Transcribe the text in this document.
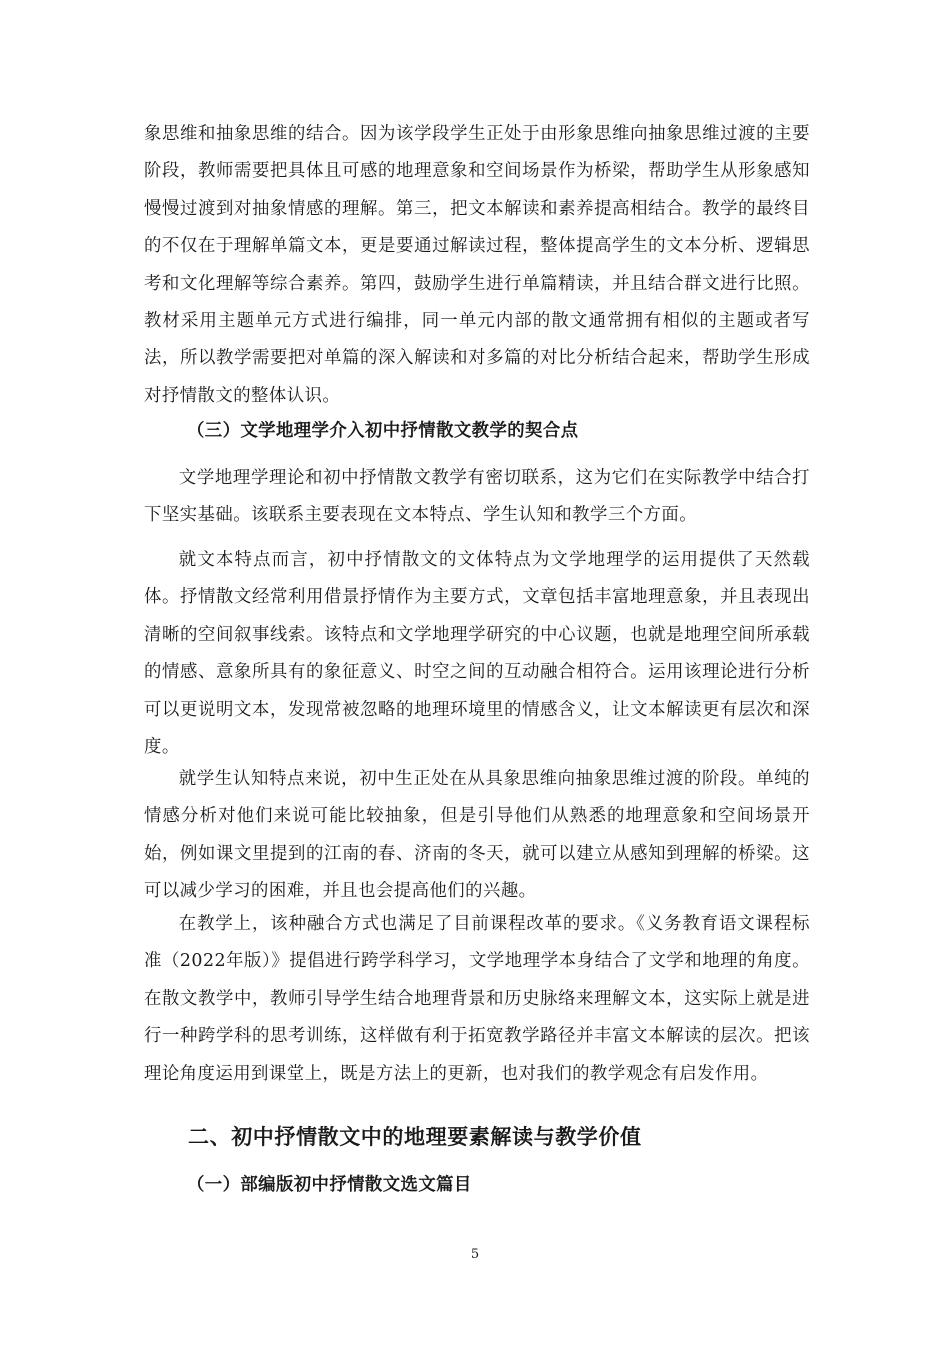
象思维和抽象思维的结合。因为该学段学生正处于由形象思维向抽象思维过渡的主要阶段，教师需要把具体且可感的地理意象和空间场景作为桥梁，帮助学生从形象感知慢慢过渡到对抽象情感的理解。第三，把文本解读和素养提高相结合。教学的最终目的不仅在于理解单篇文本，更是要通过解读过程，整体提高学生的文本分析、逻辑思考和文化理解等综合素养。第四，鼓励学生进行单篇精读，并且结合群文进行比照。教材采用主题单元方式进行编排，同一单元内部的散文通常拥有相似的主题或者写法，所以教学需要把对单篇的深入解读和对多篇的对比分析结合起来，帮助学生形成对抒情散文的整体认识。

（三）文学地理学介入初中抒情散文教学的契合点

文学地理学理论和初中抒情散文教学有密切联系，这为它们在实际教学中结合打下坚实基础。该联系主要表现在文本特点、学生认知和教学三个方面。

就文本特点而言，初中抒情散文的文体特点为文学地理学的运用提供了天然载体。抒情散文经常利用借景抒情作为主要方式，文章包括丰富地理意象，并且表现出清晰的空间叙事线索。该特点和文学地理学研究的中心议题，也就是地理空间所承载的情感、意象所具有的象征意义、时空之间的互动融合相符合。运用该理论进行分析可以更说明文本，发现常被忽略的地理环境里的情感含义，让文本解读更有层次和深度。

就学生认知特点来说，初中生正处在从具象思维向抽象思维过渡的阶段。单纯的情感分析对他们来说可能比较抽象，但是引导他们从熟悉的地理意象和空间场景开始，例如课文里提到的江南的春、济南的冬天，就可以建立从感知到理解的桥梁。这可以减少学习的困难，并且也会提高他们的兴趣。

在教学上，该种融合方式也满足了目前课程改革的要求。《义务教育语文课程标准（2022年版）》提倡进行跨学科学习，文学地理学本身结合了文学和地理的角度。在散文教学中，教师引导学生结合地理背景和历史脉络来理解文本，这实际上就是进行一种跨学科的思考训练，这样做有利于拓宽教学路径并丰富文本解读的层次。把该理论角度运用到课堂上，既是方法上的更新，也对我们的教学观念有启发作用。

二、初中抒情散文中的地理要素解读与教学价值
（一）部编版初中抒情散文选文篇目
5
